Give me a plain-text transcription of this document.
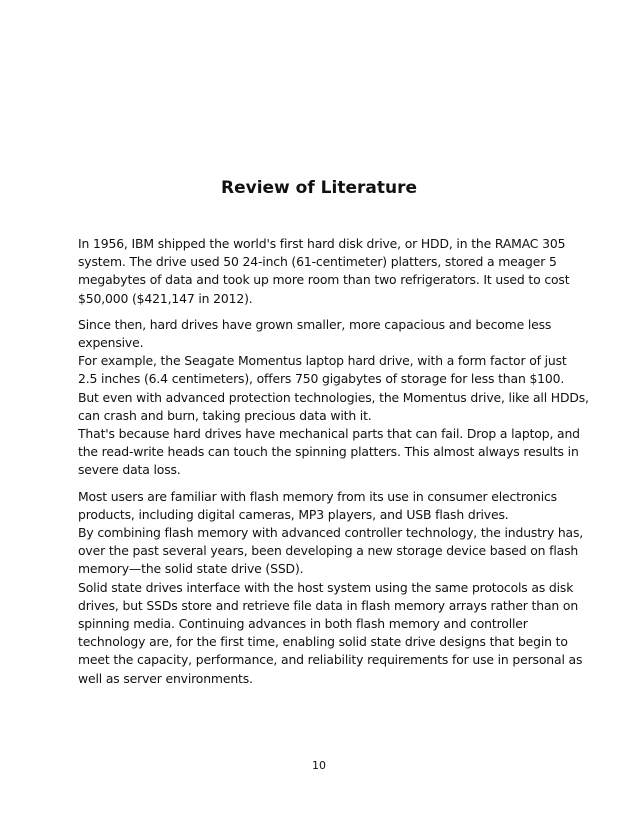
Review of Literature

In 1956, IBM shipped the world's first hard disk drive, or HDD, in the RAMAC 305
system. The drive used 50 24-inch (61-centimeter) platters, stored a meager 5
megabytes of data and took up more room than two refrigerators. It used to cost
$50,000 ($421,147 in 2012).

Since then, hard drives have grown smaller, more capacious and become less
expensive.
For example, the Seagate Momentus laptop hard drive, with a form factor of just
2.5 inches (6.4 centimeters), offers 750 gigabytes of storage for less than $100.
But even with advanced protection technologies, the Momentus drive, like all HDDs,
can crash and burn, taking precious data with it.
That's because hard drives have mechanical parts that can fail. Drop a laptop, and
the read-write heads can touch the spinning platters. This almost always results in
severe data loss.

Most users are familiar with flash memory from its use in consumer electronics
products, including digital cameras, MP3 players, and USB flash drives.
By combining flash memory with advanced controller technology, the industry has,
over the past several years, been developing a new storage device based on flash
memory—the solid state drive (SSD).
Solid state drives interface with the host system using the same protocols as disk
drives, but SSDs store and retrieve file data in flash memory arrays rather than on
spinning media. Continuing advances in both flash memory and controller
technology are, for the first time, enabling solid state drive designs that begin to
meet the capacity, performance, and reliability requirements for use in personal as
well as server environments.

10
